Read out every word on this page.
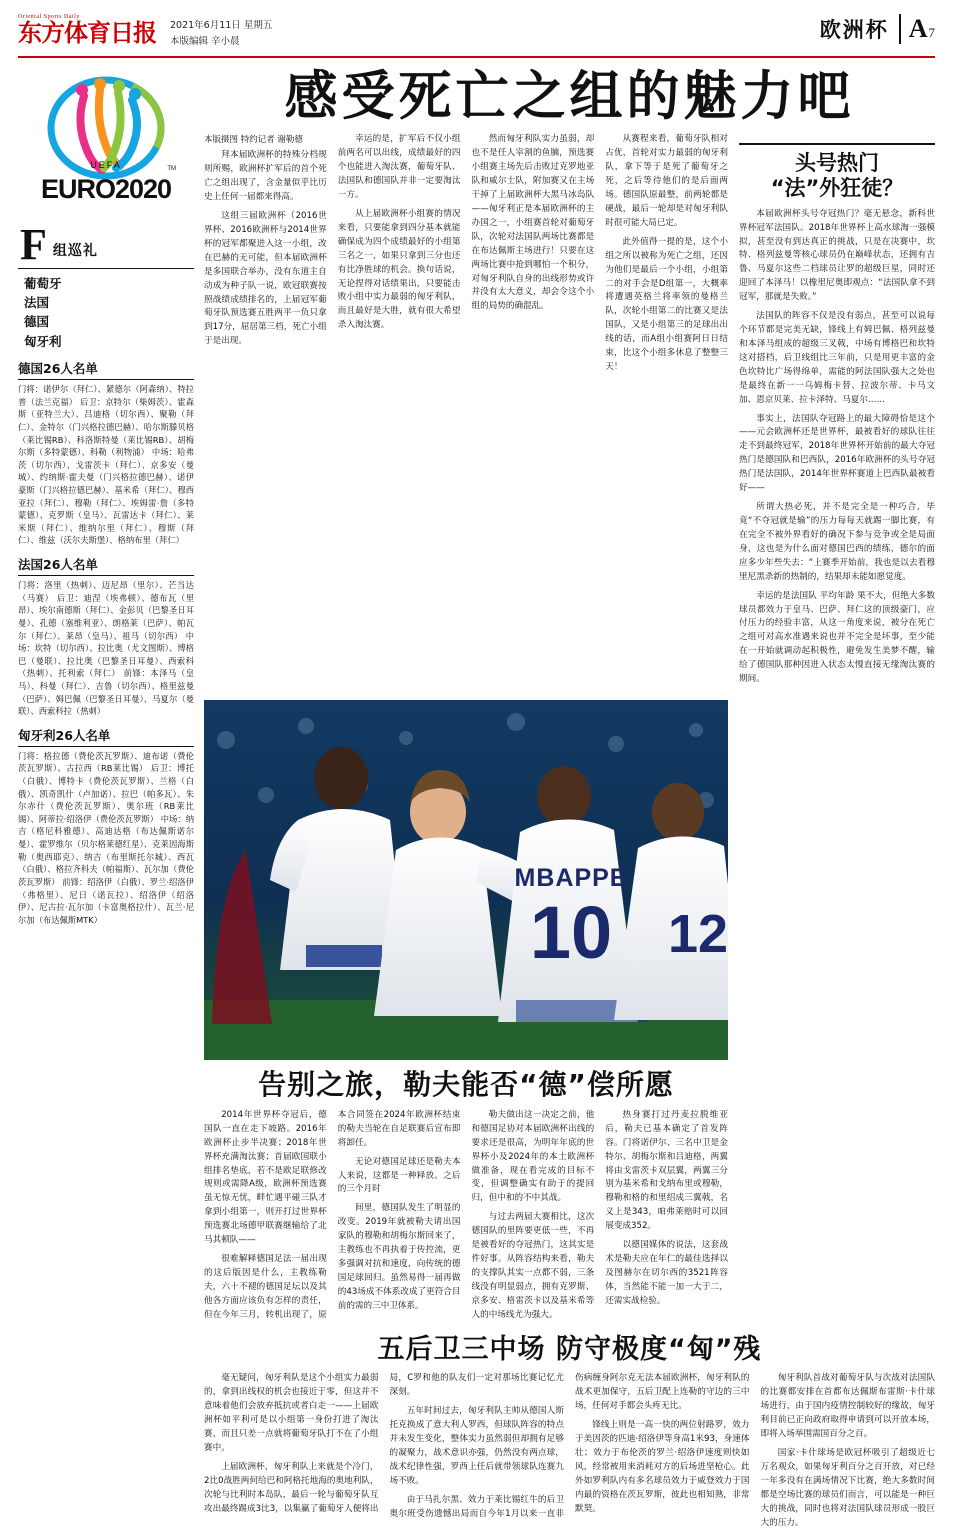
Oriental Sports Daily
东方体育日报 2021年6月11日 星期五
本版编辑 辛小晨	欧洲杯 A 7
UEFA
EURO2020
TM
F 组巡礼
葡萄牙
法国
德国
匈牙利
德国26人名单

门将：诺伊尔（拜仁）、紧德尔（阿森纳）、特拉普（法兰克福） 后卫：京特尔（柴姆茨）、霍森斯（亚特兰大）、吕迪格（切尔西）、聚勒（拜仁）、金特尔（门兴格拉德巴赫）、哈尔斯滕贝格（莱比锡RB）、科洛斯特曼（莱比锡RB）、胡梅尔斯（多特蒙德）、科勒（利物浦） 中场：哈弗茨（切尔西）、戈雷茨卡（拜仁）、京多安（曼城）、约纳斯·霍夫曼（门兴格拉德巴赫）、诺伊豪斯（门兴格拉德巴赫）、基米希（拜仁）、穆西亚拉（拜仁）、穆勒（拜仁）、埃姆雷·詹（多特蒙德）、克罗斯（皇马）、瓦雷达卡（拜仁）、莱米斯（拜仁）、维纳尔里（拜仁）、穆斯（拜仁）、维兹（沃尔夫斯堡）、格纳布里（拜仁）

法国26人名单

门将：洛里（热刺）、迈尼昂（里尔）、芒当达（马赛） 后卫：迪涅（埃弗顿）、德布瓦（里昂）、埃尔南德斯（拜仁）、金彭贝（巴黎圣日耳曼）、孔德（塞维利亚）、朗格莱（巴萨）、帕瓦尔（拜仁）、莱昂（皇马）、祖马（切尔西） 中场：坎特（切尔西）、拉比奥（尤文图斯）、博格巴（曼联）、拉比奥（巴黎圣日耳曼）、西索科（热刺）、托利索（拜仁） 前锋：本泽马（皇马）、科曼（拜仁）、吉鲁（切尔西）、格里兹曼（巴萨）、姆巴佩（巴黎圣日耳曼）、马夏尔（曼联）、西索科拉（热刺）

匈牙利26人名单

门将：格拉德（费伦茨瓦罗斯）、迪布诺（费伦茨瓦罗斯）、古拉西（RB莱比锡） 后卫：博托（白俄）、博特卡（费伦茨瓦罗斯）、兰格（白俄）、凯奇凯什（卢加诺）、拉巴（帕多瓦）、朱尔赤什（费伦茨瓦罗斯）、奥尔班（RB莱比锡）、阿蒂拉·绍洛伊（费伦茨瓦罗斯） 中场：纳吉（格尼科雅德）、高迪达格（布达佩斯诺尔曼）、霍罗维尔（贝尔格莱德红星）、克莱因海斯勒（奥西耶克）、纳吉（布里斯托尔城）、西瓦（白俄）、格拉齐科夫（帕福斯）、瓦尔加（费伦茨瓦罗斯） 前锋：绍洛伊（白俄）、罗兰·绍洛伊（弗格里）、尼日（诺瓦拉）、绍洛伊（绍洛伊）、尼古拉·瓦尔加（卡富奥格拉什）、瓦兰·尼尔加（布达佩斯MTK）

感受死亡之组的魅力吧
本版摄图 特约记者 谢勒德

拜本届欧洲杯的特殊分档规则所赐，欧洲杯扩军后的首个死亡之组出现了，含金量似乎比历史上任何一届都来得高。

这组三届欧洲杯（2016世界杯、2016欧洲杯与2014世界杯的冠军都聚进入这一小组，改在巴赫的无可能，但本届欧洲杯是多国联合举办，没有东道主自动成为种子队一说，欧冠联赛按照战绩成绩排名的，上届冠军葡萄牙队预选赛五胜两平一负只拿到17分，屈居第三档，死亡小组于是出现。

幸运的是，扩军后不仅小组前两名可以出线，成绩最好的四个也能进入淘汰赛，葡萄牙队、法国队和德国队并非一定要淘汰一方。

从上届欧洲杯小组赛的情况来看，只要能拿到四分基本就能确保成为四个成绩最好的小组第三名之一，如果只拿到三分也还有比净胜球的机会。换句话说，无论捏得对话绩果出，只要能击败小组中实力最弱的匈牙利队，而且最好是大胜，就有很大希望杀入淘汰赛。

然而匈牙利队实力虽弱，却也不是任人宰割的鱼腩，预选赛小组赛主场先后击败过克罗地亚队和威尔士队，附加赛又在主场干掉了上届欧洲杯大黑马冰岛队——匈牙利正是本届欧洲杯的主办国之一，小组赛首轮对葡萄牙队，次轮对法国队两场比赛都是在布达佩斯主场进行！只要在这两场比赛中抢到哪怕一个积分，对匈牙利队自身的出线形势或许并没有太大意义，却会令这个小组的局势的确混乱。

从赛程来看，葡萄牙队相对占优，首轮对实力最弱的匈牙利队，拿下等于是死了葡萄牙之死，之后等待他们的是后面两场。德国队原最整，前两轮都是硬战，最后一轮却是对匈牙利队时很可能大局已定。

此外值得一提的是，这个小组之所以被称为死亡之组，还因为他们是最后一个小组，小组第二的对手会是D组第一，大概率将遭遇英格兰将率领的曼格兰队，次轮小组第二的比赛又是法国队，又是小组第三的足球出出线的话，而A组小组赛阿日日结束，比这个小组多休息了整整三天！

头号热门
“法”外狂徒？

本届欧洲杯头号夺冠热门？毫无悬念，新科世界杯冠军法国队。2018年世界杯上高水球淘一强模拟，甚至没有到达真正的挑战，只是在决赛中，坎特、格列兹曼等核心球员仍在巅峰状态，还拥有吉鲁、马夏尔这些二档球员让罗的超级巨星，同时还迎回了本泽马！以橡里尼奥即观点：“法国队拿不到冠军，那就是失败。”

法国队的阵容不仅是没有弱点，甚至可以说每个环节都是完美无缺，锋线上有姆巴佩、格列兹曼和本泽马组成的超级三叉戟，中场有博格巴和坎特这对搭档，后卫线组比三年前，只是用更丰富的金色坎特比广场得绵单，需能的阿法国队强大之处也是最终在新一一乌姆梅卡替、拉波尔蒂、卡马文加、恩京贝莱、拉卡泽特、马夏尔……

事实上，法国队夺冠路上的最大障碍恰是这个——元会欧洲杯还是世界杯，最被看好的球队往往走不到最终冠军，2018年世界杯开始前的最大夺冠热门是德国队和巴西队，2016年欧洲杯的头号夺冠热门是法国队，2014年世界杯赛道上巴西队最被看好——

所谓大热必死，并不是完全是一种巧合，毕竟“不夺冠就是输”的压力每每天就踢一脚比赛，有在完全不被外界看好的确况下参与竞争或全是局面身，这也是为什么面对德国巴西的绩练，德尔的面应多少年些失去：“上赛季开始前，我也是以去看穆里尼黑杀新的热制的，结果却未能如愿觉度。

幸运的是法国队 平均年龄 果不大，但绝大多数球员都效力于皇马、巴萨、拜仁这的顶级豪门，应付压力的经验丰富，从这一角度来说，被分在死亡之组可对高水准遇来说也并不完全是坏事，至少能在一开始就调动起积极性，避免发生美梦不醒，输给了德国队那种因进入状态太慢直接无缘淘汰赛的期间。

MBAPPE
10 12
告别之旅，勒夫能否“德”偿所愿

2014年世界杯夺冠后，德国队一直在走下坡路。2016年欧洲杯止步半决赛；2018年世界杯充满淘汰赛；首届欧国联小组排名垫底，若不是欧足联修改规则或需降A级，欧洲杯预选赛虽无惊无忧，畔忙遇平碰三队才拿到小组第一，则开打过世界杯预选赛北场德甲联赛继输给了北马其顿队——

很难解释德国足法一届出现的这后版因是什么，主教练勒夫，六十不褪的德国足坛以及其他各方面应该负有怎样的责任，但在今年三月，转机出现了，原本合同签在2024年欧洲杯结束的勒夫当轮在自足联赛后宣布即将卸任。

无论对德国足球还是勒夫本人来说，这都是一种释放。之后的三个月时

间里，德国队发生了明显的改变。2019年就被勒夫请出国家队的穆勒和胡梅尔斯回来了，主教练也不再执着于传控流，更多强调对抗和速度，向传统的德国足球回归。虽然易得一届再做的43场成不体系改成了更符合目前的需的三中卫体系。

勒夫做出这一决定之前，他和德国足协对本届欧洲杯出线的要求还是很高，为明年年底的世界杯小及2024年的本土欧洲杯做准备，现在看完成的目标不变，但调整确实有助于的提回归，但中和的不中其战。

与过去两届大赛相比，这次德国队的里阵要更低一些，不再是被看好的夺冠热门，这其实是件好事。从阵容结构来看，勒夫的支撑队其实一点都不弱，三条线没有明显弱点，拥有克罗斯、京多安、格雷茨卡以及基米希等人的中场线尤为强大。

热身赛打过丹麦拉脱维亚后，勒夫已基本确定了首发阵容。门将诺伊尔、三名中卫是金特尔、胡梅尔斯和吕迪格，两翼将由戈雷茨卡双层翼，两翼三分别为基米希和戈纳布里或穆勒，穆勒和格的和里绍成三翼戟，名义上是343，咱弗莱赔时可以回展变成352。

以德国媒体的说法，这套战术是勒夫应在年仁的最佳选择以及图赫尔在切尔西的3521阵容体，当然能不能一加一大于二，还需实战检验。

五后卫三中场 防守极度“匈”残

毫无疑问，匈牙利队是这个小组实力最弱的，拿到出线权的机会也接近于零，但这并不意味着他们会放弃抵抗或者白走一——上届欧洲杯如平利可是以小组第一身份打进了淘汰赛，而且只差一点就将葡萄牙队打不在了小组赛中。

上届欧洲杯，匈牙利队上来就是个冷门，2比0战胜两何给巴和阿格托地海的奥地利队，次轮与比利时本岛队，最后一轮与葡萄牙队互攻出最终踢成3比3，以集赢了葡萄牙人便将出局，C罗和他的队友们一定对那场比赛记忆尤深刻。

五年时间过去，匈牙利队主帅从德国人斯托克换成了意大利人罗西，但球队阵容的特点并未发生变化，整体实力虽然弱但却拥有足够的凝聚力，战术意识亦强，仍然没有两点球，战术纪律性强，罗西上任后就带领球队连赛九场不败。

由于马扎尔黑、效力于莱比锡红牛的后卫奥尔班受伤遗憾出局而自今年1月以来一直非伤病缠身阿尔克无法本届欧洲杯，匈牙利队的战术更加保守，五后卫配上连勒的守边的三中场，任何对手都会头疼无比。

锋线上则是一高一快的两位射路罗，效力于美因茨的匹迪·绍洛伊等身高1米93，身速体壮；效力于布伦茨的罗兰·绍洛伊速度则快如风，经常被用来消耗对方的后场进坚枪心。此外如罗利队内有多名球员效力于威登效力于国内最的资格在茨瓦罗斯，彼此也相知熟，非常默契。

匈牙利队首战对葡萄牙队与次战对法国队的比赛都安排在首都布达佩斯布雷斯·卡什球场进行，由于国内疫情控制较好的缘故，匈牙利目前已正向政府取得申请到可以开放本场，即将入场举围需国百分之百。

国家·卡什球场是欧冠杯吸引了超级近七万名观众，如果匈牙利百分之百开放，对已经一年多没有在满场情况下比赛，绝大多数时间都是空场比赛的球员们而言，可以能是一种巨大的挑战，同时也将对法国队球员形成一股巨大的压力。
